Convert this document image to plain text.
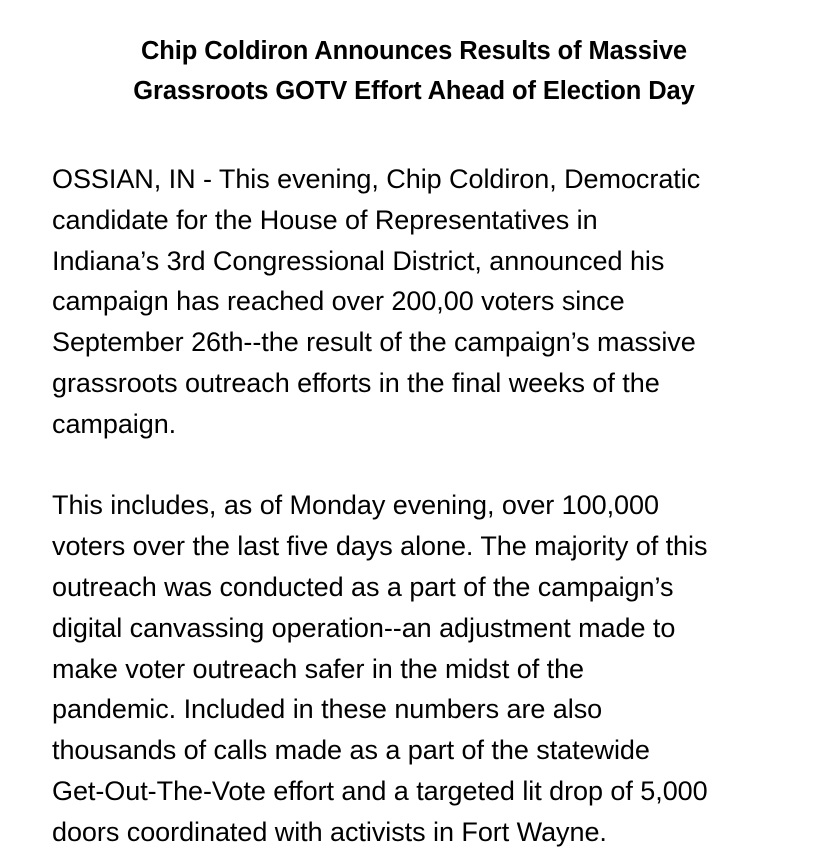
Chip Coldiron Announces Results of Massive
Grassroots GOTV Effort Ahead of Election Day

OSSIAN, IN - This evening, Chip Coldiron, Democratic
candidate for the House of Representatives in
Indiana’s 3rd Congressional District, announced his
campaign has reached over 200,00 voters since
September 26th--the result of the campaign’s massive
grassroots outreach efforts in the final weeks of the
campaign.

This includes, as of Monday evening, over 100,000
voters over the last five days alone. The majority of this
outreach was conducted as a part of the campaign’s
digital canvassing operation--an adjustment made to
make voter outreach safer in the midst of the
pandemic. Included in these numbers are also
thousands of calls made as a part of the statewide
Get-Out-The-Vote effort and a targeted lit drop of 5,000
doors coordinated with activists in Fort Wayne.
